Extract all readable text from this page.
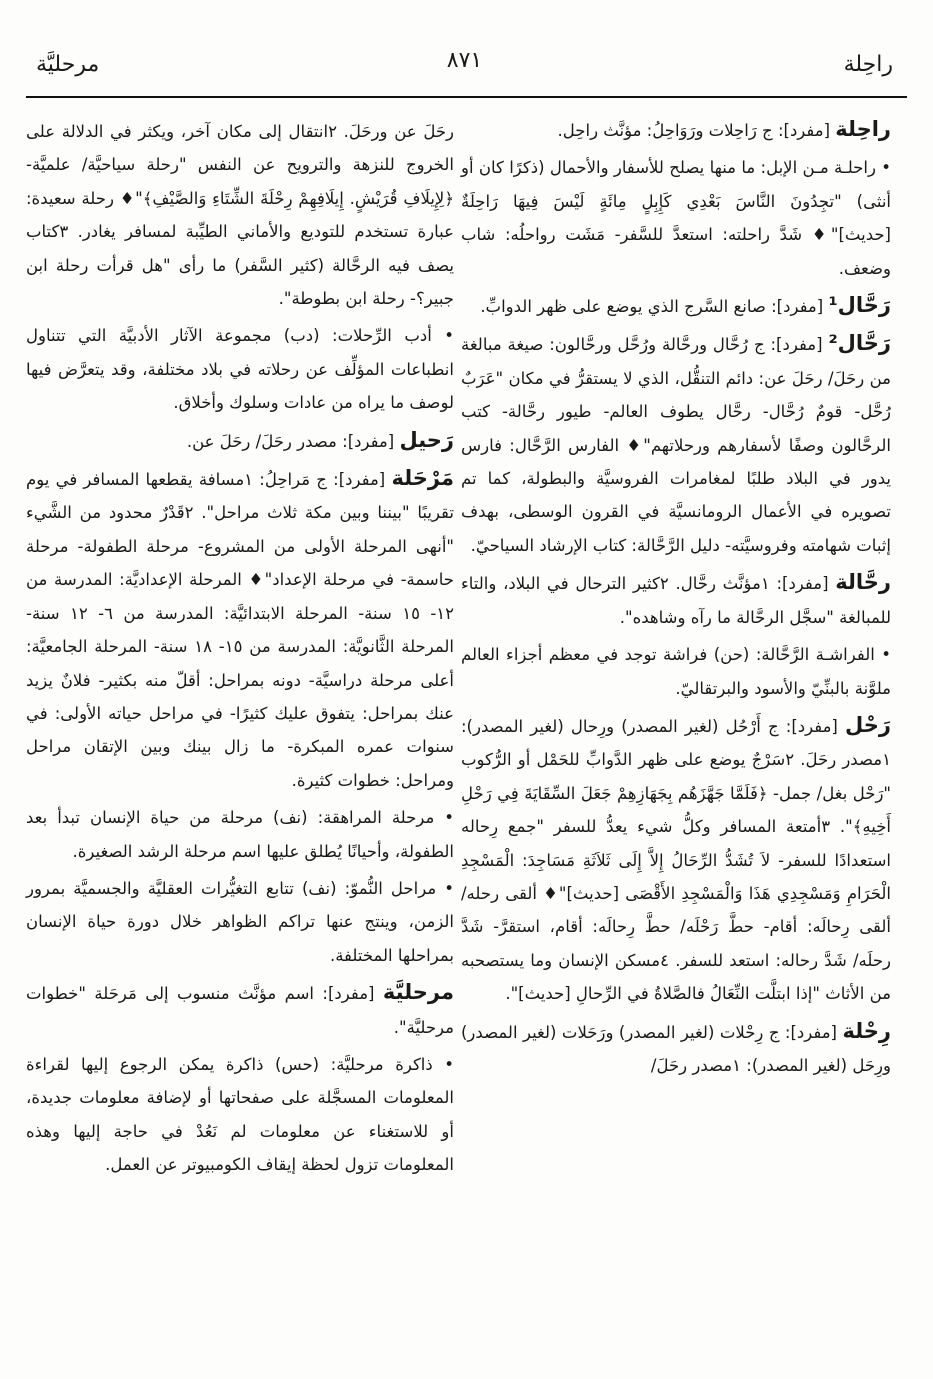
راحِلة
٨٧١
مرحليَّة

راحِلة [مفرد]: ج رَاحِلات ورَوَاحِلُ: مؤنَّث راحِل.

• راحلـة مـن الإبل: ما منها يصلح للأسفار والأحمال (ذكرًا كان أو أنثى) "تجِدُونَ النَّاسَ بَعْدِي كَإِبِلٍ مِائَةٍ لَيْسَ فِيهَا رَاحِلَةٌ [حديث]"♦ شَدَّ راحلته: استعدَّ للسَّفر- مَشَت رواحلُه: شاب وضعف.

رَحَّال¹ [مفرد]: صانع السَّرج الذي يوضع على ظهر الدوابِّ.

رَحَّال² [مفرد]: ج رُحَّال ورحَّالة ورُحَّل ورحَّالون: صيغة مبالغة من رحَلَ/ رحَلَ عن: دائم التنقُّل، الذي لا يستقرُّ في مكان "عَرَبٌ رُحَّل- قومٌ رُحَّال- رحَّال يطوف العالم- طيور رحَّالة- كتب الرحَّالون وصفًا لأسفارهم ورحلاتهم"♦ الفارس الرَّحَّال: فارس يدور في البلاد طلبًا لمغامرات الفروسيَّة والبطولة، كما تم تصويره في الأعمال الرومانسيَّة في القرون الوسطى، بهدف إثبات شهامته وفروسيَّته- دليل الرَّحَّالة: كتاب الإرشاد السياحيّ.

رحَّالة [مفرد]: ١مؤنَّث رحَّال. ٢كثير الترحال في البلاد، والتاء للمبالغة "سجَّل الرحَّالة ما رآه وشاهده".

• الفراشـة الرَّحَّالة: (حن) فراشة توجد في معظم أجزاء العالم ملوَّنة بالبنِّيّ والأسود والبرتقاليّ.

رَحْل [مفرد]: ج أَرْحُل (لغير المصدر) ورِحال (لغير المصدر): ١مصدر رحَلَ. ٢سَرْجٌ يوضع على ظهر الدَّوابِّ للحَمْل أو الرُّكوب "رَحْل بغل/ جمل- ﴿فَلَمَّا جَهَّزَهُم بِجَهَازِهِمْ جَعَلَ السِّقَايَةَ فِي رَحْلِ أَخِيهِ﴾". ٣أمتعة المسافر وكلُّ شيء يعدُّ للسفر "جمع رِحاله استعدادًا للسفر- لاَ تُشَدُّ الرِّحَالُ إِلاَّ إِلَى ثَلاَثَةِ مَسَاجِدَ: الْمَسْجِدِ الْحَرَامِ وَمَسْجِدِي هَذَا وَالْمَسْجِدِ الأَقْصَى [حديث]"♦ ألقى رحله/ ألقى رِحالَه: أقام- حطَّ رَحْلَه/ حطَّ رِحالَه: أقام، استقرَّ- شَدَّ رحلَه/ شَدَّ رحاله: استعد للسفر. ٤مسكن الإنسان وما يستصحبه من الأثاث "إذا ابتلَّت النِّعَالُ فالصَّلاةُ في الرِّحالِ [حديث]".

رِحْلة [مفرد]: ج رِحْلات (لغير المصدر) ورَحَلات (لغير المصدر) ورِحَل (لغير المصدر): ١مصدر رحَلَ/

رحَلَ عن ورحَلَ. ٢انتقال إلى مكان آخر، ويكثر في الدلالة على الخروج للنزهة والترويح عن النفس "رحلة سياحيَّة/ علميَّة- ﴿لِإِيلَافِ قُرَيْشٍ. إِيلَافِهِمْ رِحْلَةَ الشِّتَاءِ وَالصَّيْفِ﴾"♦ رحلة سعيدة: عبارة تستخدم للتوديع والأماني الطيِّبة لمسافر يغادر. ٣كتاب يصف فيه الرحَّالة (كثير السَّفر) ما رأى "هل قرأت رحلة ابن جبير؟- رحلة ابن بطوطة".

• أدب الرِّحلات: (دب) مجموعة الآثار الأدبيَّة التي تتناول انطباعات المؤلِّف عن رحلاته في بلاد مختلفة، وقد يتعرَّض فيها لوصف ما يراه من عادات وسلوك وأخلاق.

رَحيل [مفرد]: مصدر رحَلَ/ رحَلَ عن.

مَرْحَلة [مفرد]: ج مَراحِلُ: ١مسافة يقطعها المسافر في يوم تقريبًا "بيننا وبين مكة ثلاث مراحل". ٢قَدْرٌ محدود من الشَّيء "أنهى المرحلة الأولى من المشروع- مرحلة الطفولة- مرحلة حاسمة- في مرحلة الإعداد"♦ المرحلة الإعداديَّة: المدرسة من ١٢- ١٥ سنة- المرحلة الابتدائيَّة: المدرسة من ٦- ١٢ سنة- المرحلة الثَّانويَّة: المدرسة من ١٥- ١٨ سنة- المرحلة الجامعيَّة: أعلى مرحلة دراسيَّة- دونه بمراحل: أقلّ منه بكثير- فلانٌ يزيد عنك بمراحل: يتفوق عليك كثيرًا- في مراحل حياته الأولى: في سنوات عمره المبكرة- ما زال بينك وبين الإتقان مراحل ومراحل: خطوات كثيرة.

• مرحلة المراهقة: (نف) مرحلة من حياة الإنسان تبدأ بعد الطفولة، وأحيانًا يُطلق عليها اسم مرحلة الرشد الصغيرة.

• مراحل النُّموّ: (نف) تتابع التغيُّرات العقليَّة والجسميَّة بمرور الزمن، وينتج عنها تراكم الظواهر خلال دورة حياة الإنسان بمراحلها المختلفة.

مرحليَّة [مفرد]: اسم مؤنَّث منسوب إلى مَرحَلة "خطوات مرحليَّة".

• ذاكرة مرحليَّة: (حس) ذاكرة يمكن الرجوع إليها لقراءة المعلومات المسجَّلة على صفحاتها أو لإضافة معلومات جديدة، أو للاستغناء عن معلومات لم نَعُدْ في حاجة إليها وهذه المعلومات تزول لحظة إيقاف الكومبيوتر عن العمل.
